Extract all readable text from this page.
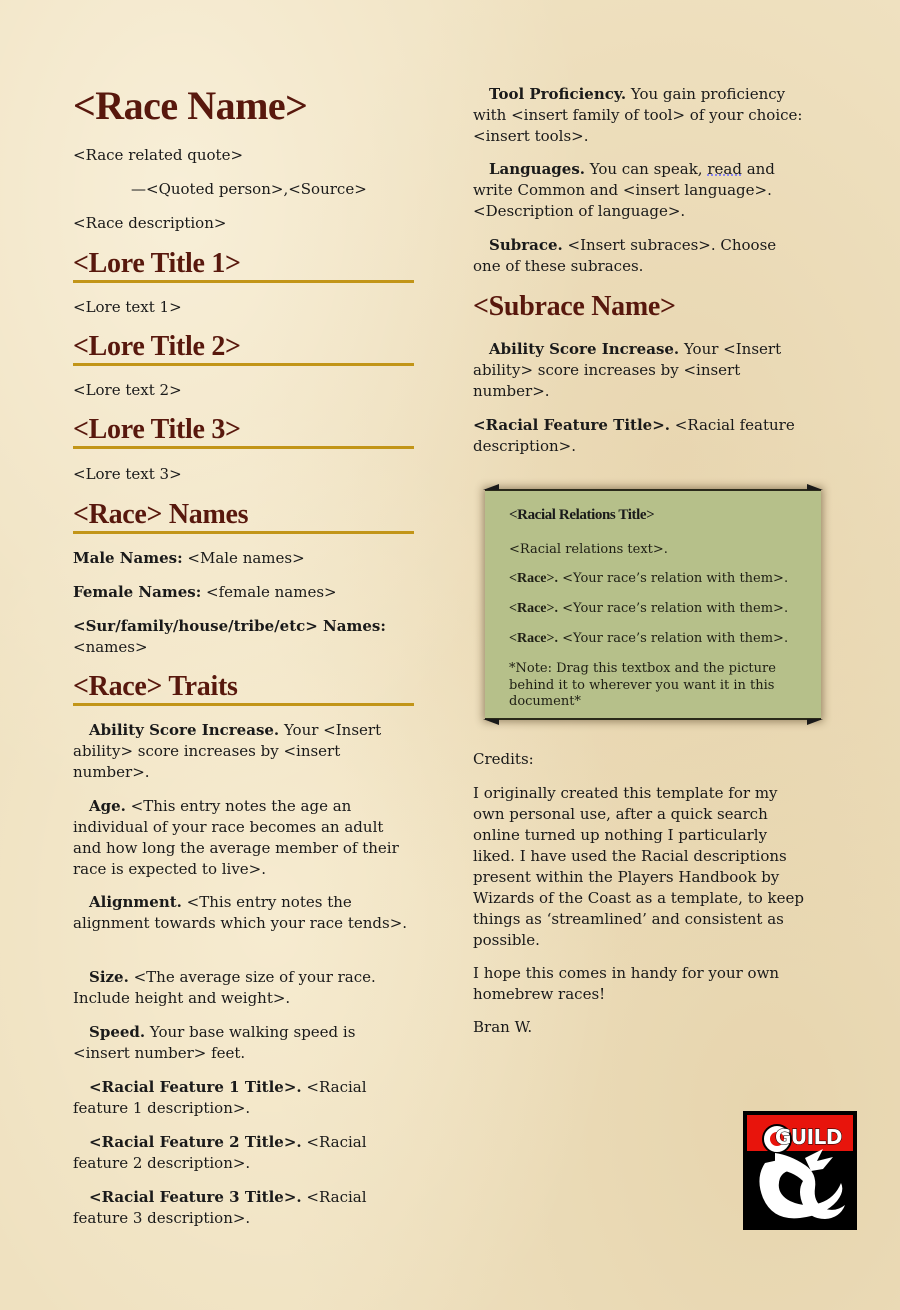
<Race Name>

<Race related quote>

—<Quoted person>,<Source>

<Race description>

<Lore Title 1>

<Lore text 1>

<Lore Title 2>

<Lore text 2>

<Lore Title 3>

<Lore text 3>

<Race> Names

Male Names: <Male names>

Female Names: <female names>

<Sur/family/house/tribe/etc> Names: <names>

<Race> Traits

Ability Score Increase. Your <Insert ability> score increases by <insert number>.

Age. <This entry notes the age an individual of your race becomes an adult and how long the average member of their race is expected to live>.

Alignment. <This entry notes the alignment towards which your race tends>.

Size. <The average size of your race. Include height and weight>.

Speed. Your base walking speed is <insert number> feet.

<Racial Feature 1 Title>. <Racial feature 1 description>.

<Racial Feature 2 Title>. <Racial feature 2 description>.

<Racial Feature 3 Title>. <Racial feature 3 description>.

Tool Proficiency. You gain proficiency with <insert family of tool> of your choice: <insert tools>.

Languages. You can speak, read and write Common and <insert language>. <Description of language>.

Subrace. <Insert subraces>. Choose one of these subraces.

<Subrace Name>

Ability Score Increase. Your <Insert ability> score increases by <insert number>.

<Racial Feature Title>. <Racial feature description>.

<Racial Relations Title>

<Racial relations text>.

<Race>. <Your race’s relation with them>.

<Race>. <Your race’s relation with them>.

<Race>. <Your race’s relation with them>.

*Note: Drag this textbox and the picture behind it to wherever you want it in this document*

Credits:

I originally created this template for my own personal use, after a quick search online turned up nothing I particularly liked. I have used the Racial descriptions present within the Players Handbook by Wizards of the Coast as a template, to keep things as ‘streamlined’ and consistent as possible.

I hope this comes in handy for your own homebrew races!

Bran W.

GUILD
